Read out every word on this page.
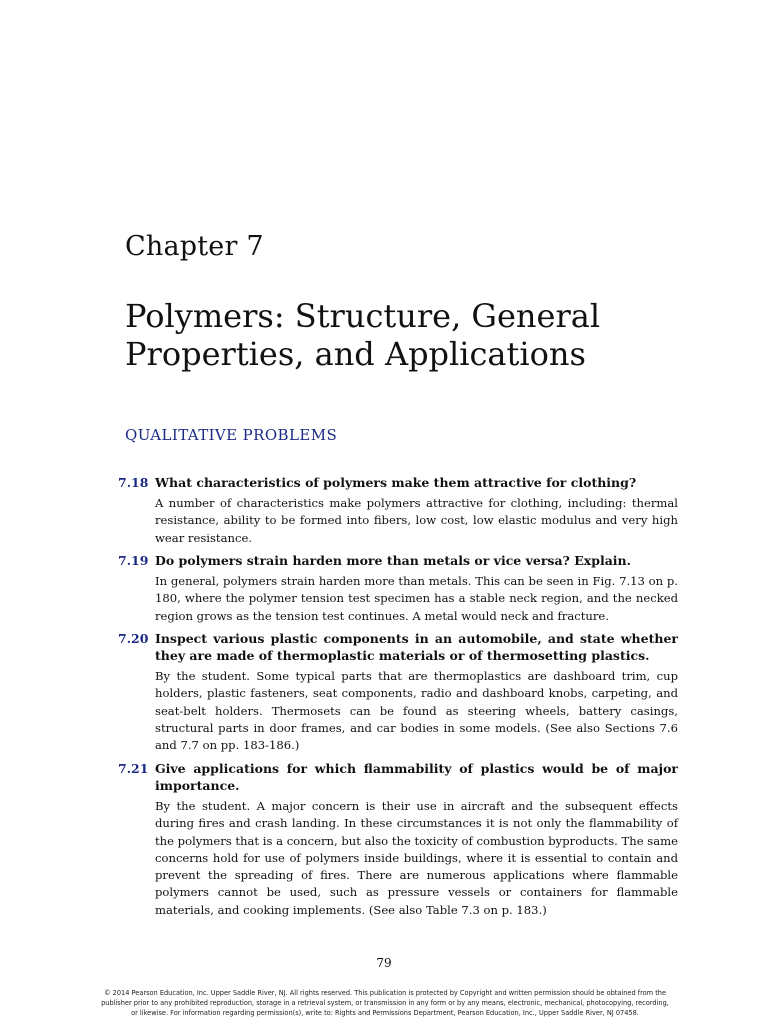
Chapter 7
Polymers: Structure, General
Properties, and Applications
QUALITATIVE PROBLEMS
7.18 What characteristics of polymers make them attractive for clothing?
A number of characteristics make polymers attractive for clothing, including: thermal resistance, ability to be formed into fibers, low cost, low elastic modulus and very high wear resistance.
7.19 Do polymers strain harden more than metals or vice versa? Explain.
In general, polymers strain harden more than metals. This can be seen in Fig. 7.13 on p. 180, where the polymer tension test specimen has a stable neck region, and the necked region grows as the tension test continues. A metal would neck and fracture.
7.20 Inspect various plastic components in an automobile, and state whether they are made of thermoplastic materials or of thermosetting plastics.
By the student. Some typical parts that are thermoplastics are dashboard trim, cup holders, plastic fasteners, seat components, radio and dashboard knobs, carpeting, and seat-belt holders. Thermosets can be found as steering wheels, battery casings, structural parts in door frames, and car bodies in some models. (See also Sections 7.6 and 7.7 on pp. 183-186.)
7.21 Give applications for which flammability of plastics would be of major importance.
By the student. A major concern is their use in aircraft and the subsequent effects during fires and crash landing. In these circumstances it is not only the flammability of the polymers that is a concern, but also the toxicity of combustion byproducts. The same concerns hold for use of polymers inside buildings, where it is essential to contain and prevent the spreading of fires. There are numerous applications where flammable polymers cannot be used, such as pressure vessels or containers for flammable materials, and cooking implements. (See also Table 7.3 on p. 183.)
79
© 2014 Pearson Education, Inc. Upper Saddle River, NJ. All rights reserved. This publication is protected by Copyright and written permission should be obtained from the publisher prior to any prohibited reproduction, storage in a retrieval system, or transmission in any form or by any means, electronic, mechanical, photocopying, recording, or likewise. For information regarding permission(s), write to: Rights and Permissions Department, Pearson Education, Inc., Upper Saddle River, NJ 07458.
